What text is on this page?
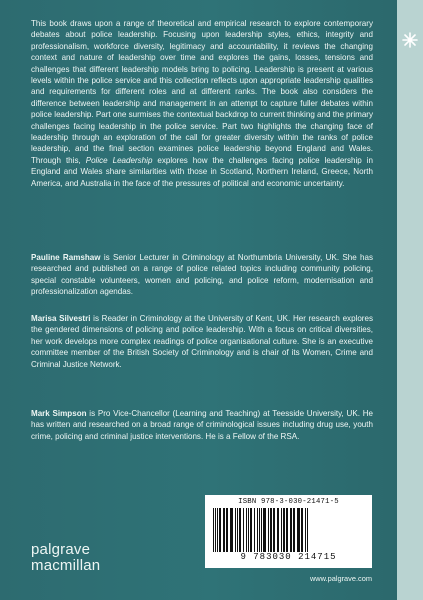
This book draws upon a range of theoretical and empirical research to explore contemporary debates about police leadership. Focusing upon leadership styles, ethics, integrity and professionalism, workforce diversity, legitimacy and accountability, it reviews the changing context and nature of leadership over time and explores the gains, losses, tensions and challenges that different leadership models bring to policing. Leadership is present at various levels within the police service and this collection reflects upon appropriate leadership qualities and requirements for different roles and at different ranks. The book also considers the difference between leadership and management in an attempt to capture fuller debates within police leadership. Part one surmises the contextual backdrop to current thinking and the primary challenges facing leadership in the police service. Part two highlights the changing face of leadership through an exploration of the call for greater diversity within the ranks of police leadership, and the final section examines police leadership beyond England and Wales. Through this, Police Leadership explores how the challenges facing police leadership in England and Wales share similarities with those in Scotland, Northern Ireland, Greece, North America, and Australia in the face of the pressures of political and economic uncertainty.

Pauline Ramshaw is Senior Lecturer in Criminology at Northumbria University, UK. She has researched and published on a range of police related topics including community policing, special constable volunteers, women and policing, and police reform, modernisation and professionalization agendas.

Marisa Silvestri is Reader in Criminology at the University of Kent, UK. Her research explores the gendered dimensions of policing and police leadership. With a focus on critical diversities, her work develops more complex readings of police organisational culture. She is an executive committee member of the British Society of Criminology and is chair of its Women, Crime and Criminal Justice Network.

Mark Simpson is Pro Vice-Chancellor (Learning and Teaching) at Teesside University, UK. He has written and researched on a broad range of criminological issues including drug use, youth crime, policing and criminal justice interventions. He is a Fellow of the RSA.

ISBN 978-3-030-21471-5
9 783030 214715
www.palgrave.com
palgrave
macmillan
